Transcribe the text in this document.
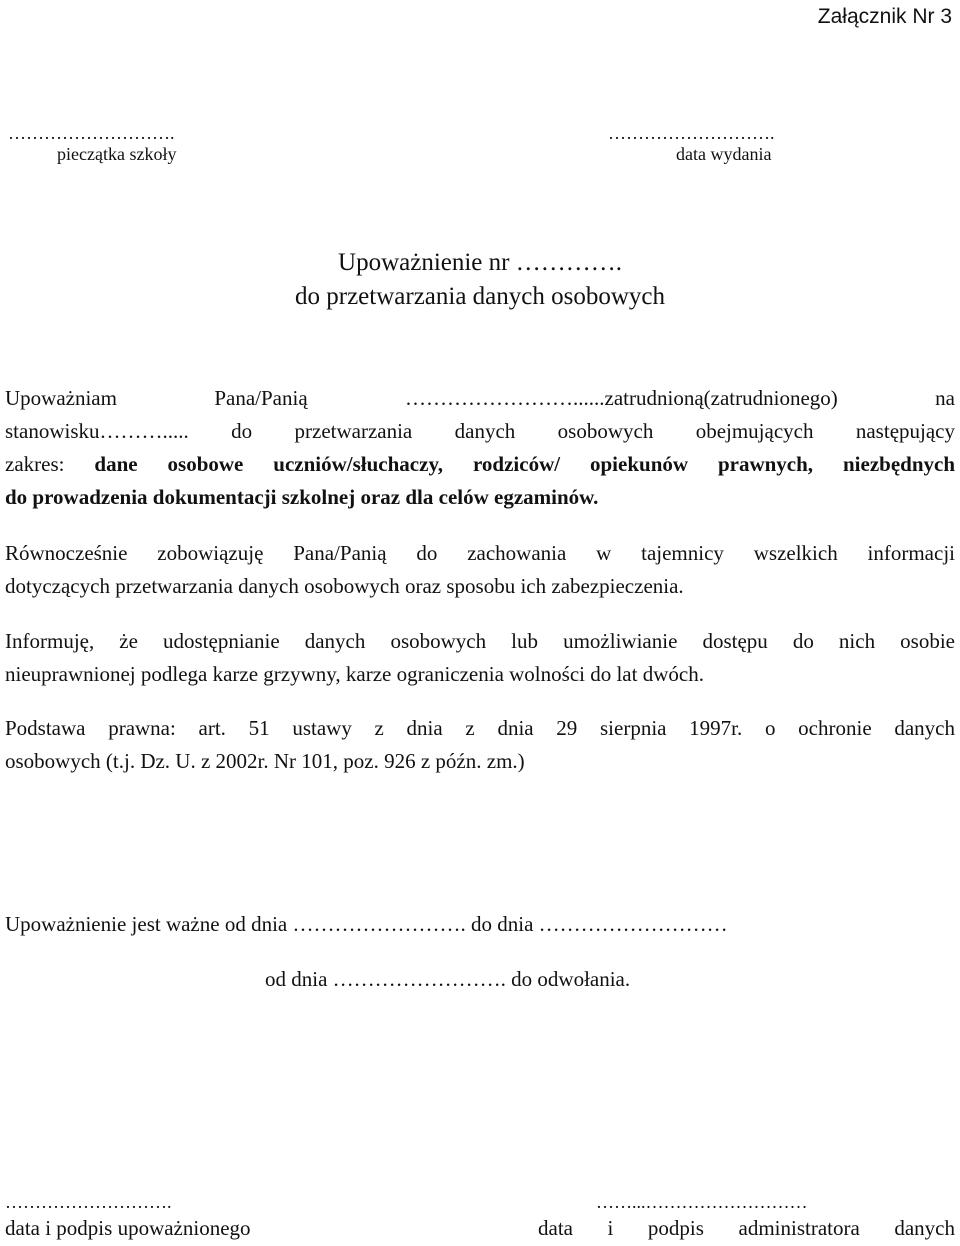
Załącznik Nr 3
……………………….
pieczątka szkoły
……………………….
data wydania
Upoważnienie nr ………….
do przetwarzania danych osobowych
Upoważniam Pana/Panią ……………………......zatrudnioną(zatrudnionego) na
stanowisku………..... do przetwarzania danych osobowych obejmujących następujący
zakres: dane osobowe uczniów/słuchaczy, rodziców/ opiekunów prawnych, niezbędnych
do prowadzenia dokumentacji szkolnej oraz dla celów egzaminów.
Równocześnie zobowiązuję Pana/Panią do zachowania w tajemnicy wszelkich informacji
dotyczących przetwarzania danych osobowych oraz sposobu ich zabezpieczenia.
Informuję, że udostępnianie danych osobowych lub umożliwianie dostępu do nich osobie
nieuprawnionej podlega karze grzywny, karze ograniczenia wolności do lat dwóch.
Podstawa prawna: art. 51 ustawy z dnia z dnia 29 sierpnia 1997r. o ochronie danych
osobowych (t.j. Dz. U. z 2002r. Nr 101, poz. 926 z późn. zm.)
Upoważnienie jest ważne od dnia ……………………. do dnia ………………………
od dnia ……………………. do odwołania.
……………………….
data i podpis upoważnionego
……...………………………
data i podpis administratora danych
